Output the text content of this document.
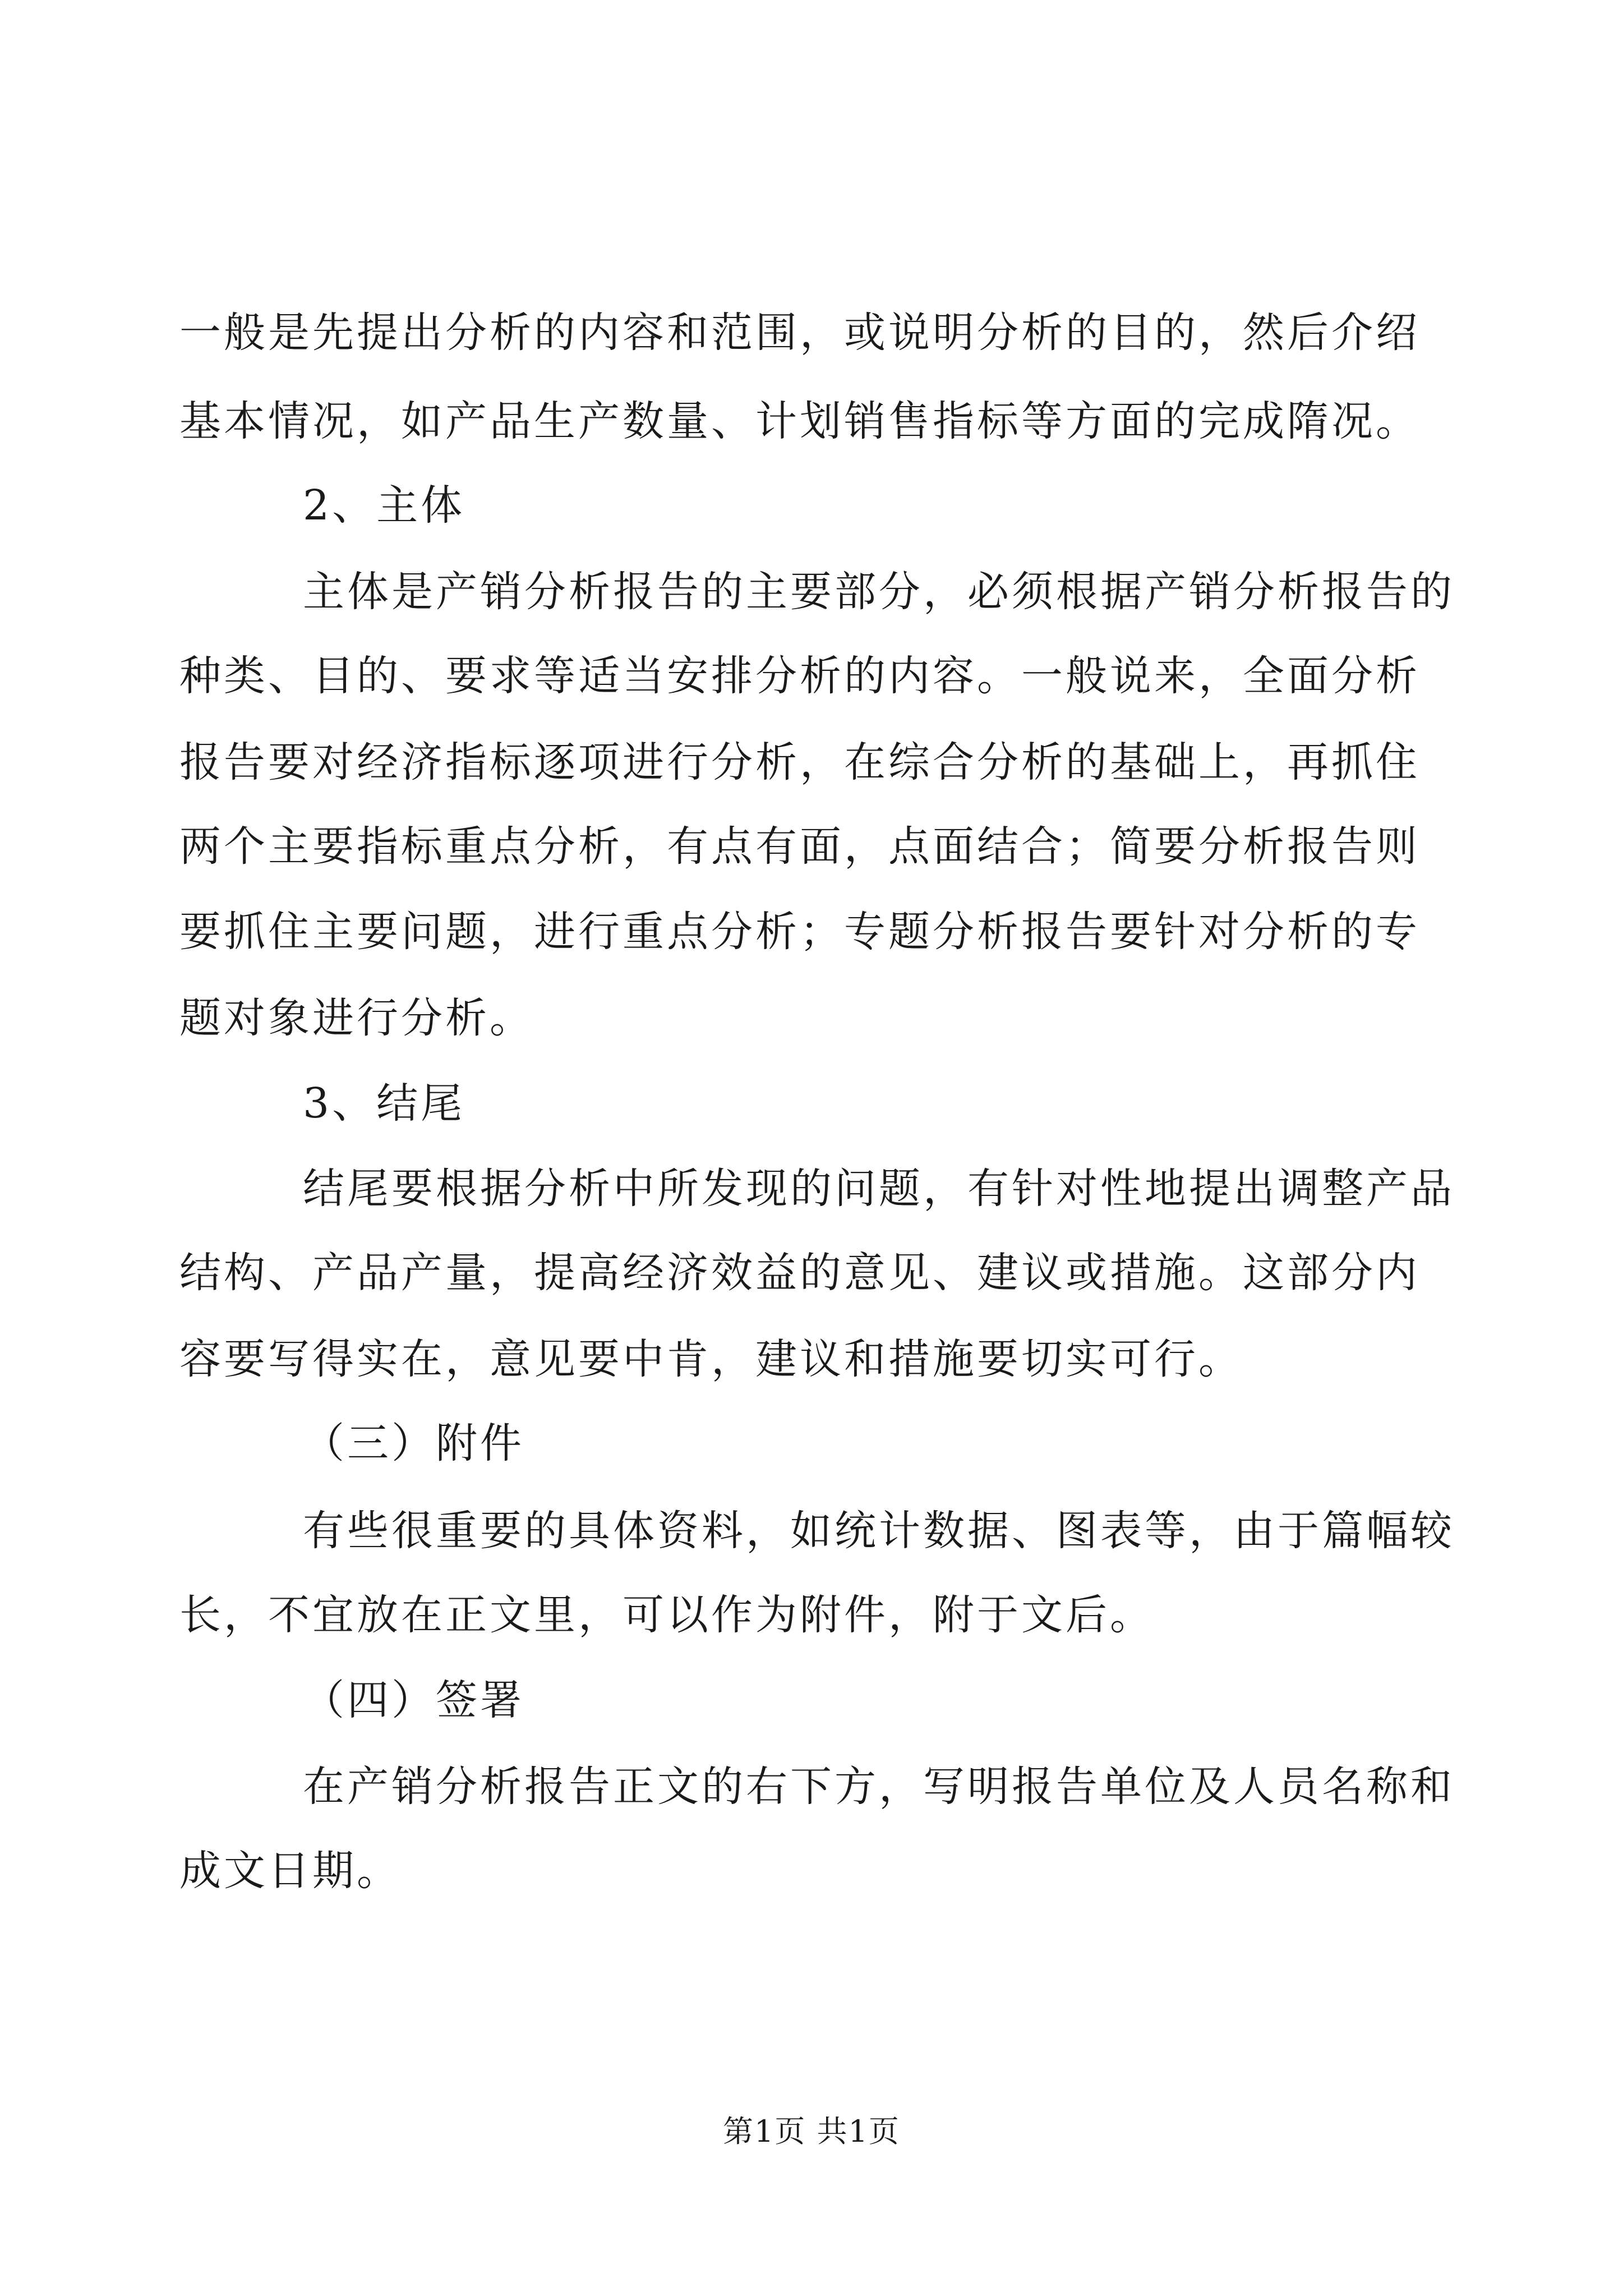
一般是先提出分析的内容和范围，或说明分析的目的，然后介绍
基本情况，如产品生产数量、计划销售指标等方面的完成隋况。
2、主体
主体是产销分析报告的主要部分，必须根据产销分析报告的
种类、目的、要求等适当安排分析的内容。一般说来，全面分析
报告要对经济指标逐项进行分析，在综合分析的基础上，再抓住
两个主要指标重点分析，有点有面，点面结合；简要分析报告则
要抓住主要问题，进行重点分析；专题分析报告要针对分析的专
题对象进行分析。
3、结尾
结尾要根据分析中所发现的问题，有针对性地提出调整产品
结构、产品产量，提高经济效益的意见、建议或措施。这部分内
容要写得实在，意见要中肯，建议和措施要切实可行。
（三）附件
有些很重要的具体资料，如统计数据、图表等，由于篇幅较
长，不宜放在正文里，可以作为附件，附于文后。
（四）签署
在产销分析报告正文的右下方，写明报告单位及人员名称和
成文日期。
第1页 共1页
